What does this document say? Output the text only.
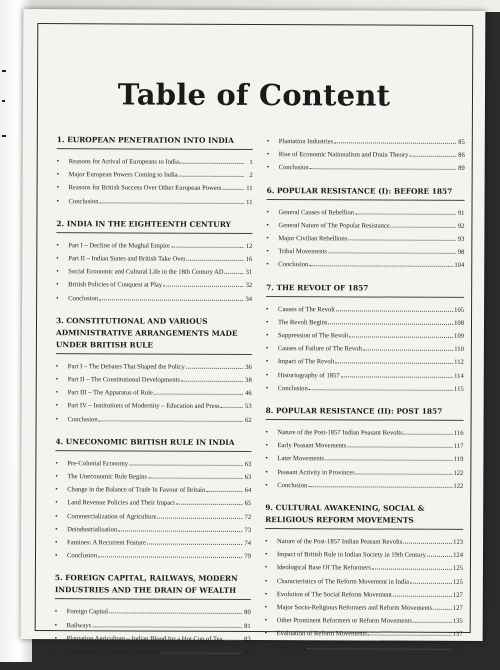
Table of Content
1. EUROPEAN PENETRATION INTO INDIA
•	Reasons for Arrival of Europeans to India	1
•	Major European Powers Coming to India	2
•	Reasons for British Success Over Other European Powers	11
•	Conclusion	11
2. INDIA IN THE EIGHTEENTH CENTURY
•	Part I – Decline of the Mughal Empire	12
•	Part II – Indian States and British Take Over	16
•	Social Economic and Cultural Life in the 18th Century AD	31
•	British Policies of Conquest at Play	32
•	Conclusion	34
3. CONSTITUTIONAL AND VARIOUS ADMINISTRATIVE ARRANGEMENTS MADE UNDER BRITISH RULE
•	Part I – The Debates That Shaped the Policy	36
•	Part II – The Constitutional Developments	38
•	Part III – The Apparatus of Rule	46
•	Part IV – Institutions of Modernity – Education and Press	53
•	Conclusion	62
4. UNECONOMIC BRITISH RULE IN INDIA
•	Pre-Colonial Economy	63
•	The Uneconomic Rule Begins	63
•	Change in the Balance of Trade In Favour of Britain	64
•	Land Revenue Policies and Their Impact	65
•	Commercialization of Agriculture	72
•	Deindustrialisation	73
•	Famines: A Recurrent Feature	74
•	Conclusion	79
5. FOREIGN CAPITAL, RAILWAYS, MODERN INDUSTRIES AND THE DRAIN OF WEALTH
•	Foreign Capital	80
•	Railways	81
•	Plantation Agriculture – Indian Blood for a Hot Cup of Tea	83
•	Development of Modern Industries	84
•	Plantation Industries	85
•	Rise of Economic Nationalism and Drain Theory	86
•	Conclusion	89
6. POPULAR RESISTANCE (I): BEFORE 1857
•	General Causes of Rebellion	91
•	General Nature of The Popular Resistance	92
•	Major Civilian Rebellions	93
•	Tribal Movements	98
•	Conclusion	104
7. THE REVOLT OF 1857
•	Causes of The Revolt	105
•	The Revolt Begins	108
•	Suppression of The Revolt	109
•	Causes of Failure of The Revolt	110
•	Impact of The Revolt	112
•	Historiography of 1857	114
•	Conclusion	115
8. POPULAR RESISTANCE (II): POST 1857
•	Nature of the Post-1857 Indian Peasant Revolts	116
•	Early Peasant Movements	117
•	Later Movements	119
•	Peasant Activity in Provinces	122
•	Conclusion	122
9. CULTURAL AWAKENING, SOCIAL & RELIGIOUS REFORM MOVEMENTS
•	Nature of the Post-1857 Indian Peasant Revolts	123
•	Impact of British Rule in Indian Society in 19th Century	124
•	Ideological Base Of The Reformers	125
•	Characteristics of The Reform Movement in India	125
•	Evolution of The Social Reform Movement	127
•	Major Socio-Religious Reformers and Reform Movements	127
•	Other Prominent Reformers or Reform Movements	135
•	Evaluation of Reform Movements	137
•	Conclusion	138
